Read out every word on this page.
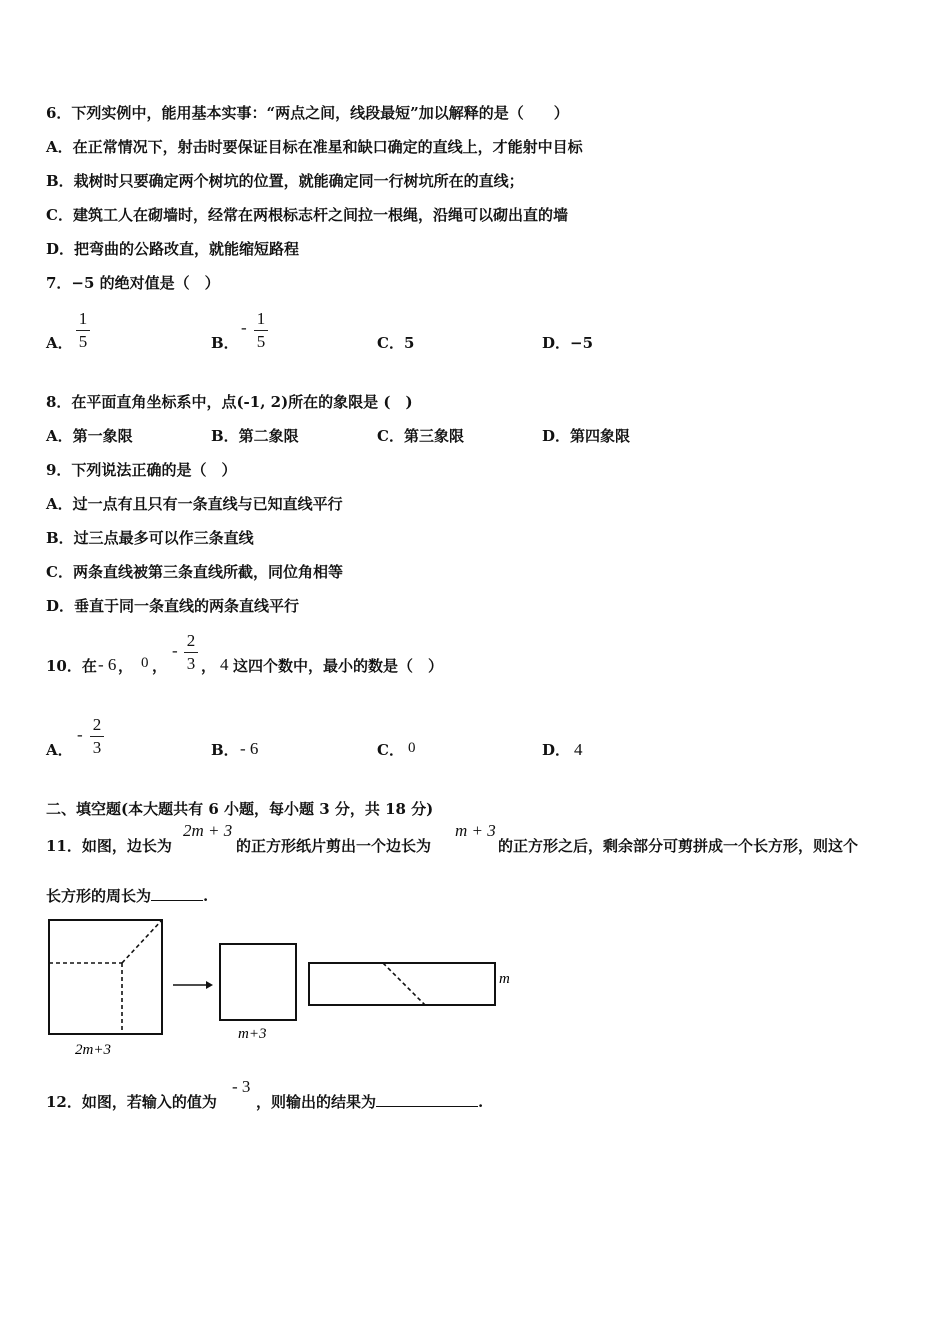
6．下列实例中，能用基本实事：“两点之间，线段最短”加以解释的是（　　）
A．在正常情况下，射击时要保证目标在准星和缺口确定的直线上，才能射中目标
B．栽树时只要确定两个树坑的位置，就能确定同一行树坑所在的直线；
C．建筑工人在砌墙时，经常在两根标志杆之间拉一根绳，沿绳可以砌出直的墙
D．把弯曲的公路改直，就能缩短路程
7．−5 的绝对值是（　）
A． $\frac{1}{5}$	B．
- $\frac{1}{5}$	C．5	D．−5
8．在平面直角坐标系中，点(-1, 2)所在的象限是 (　)
A．第一象限	B．第二象限	C．第三象限	D．第四象限
9．下列说法正确的是（　）
A．过一点有且只有一条直线与已知直线平行
B．过三点最多可以作三条直线
C．两条直线被第三条直线所截，同位角相等
D．垂直于同一条直线的两条直线平行
10．在 - 6 ， 0 ，
- $\frac{2}{3}$ ， 4 这四个数中，最小的数是（　）
A．
- $\frac{2}{3}$	B． - 6	C． 0	D． 4
二、填空题(本大题共有 6 小题，每小题 3 分，共 18 分)
11．如图，边长为
2m + 3
的正方形纸片剪出一个边长为
m + 3
的正方形之后，剩余部分可剪拼成一个长方形，则这个
长方形的周长为	.
2m+3
m+3
m
12．如图，若输入的值为
- 3
，则输出的结果为	.
